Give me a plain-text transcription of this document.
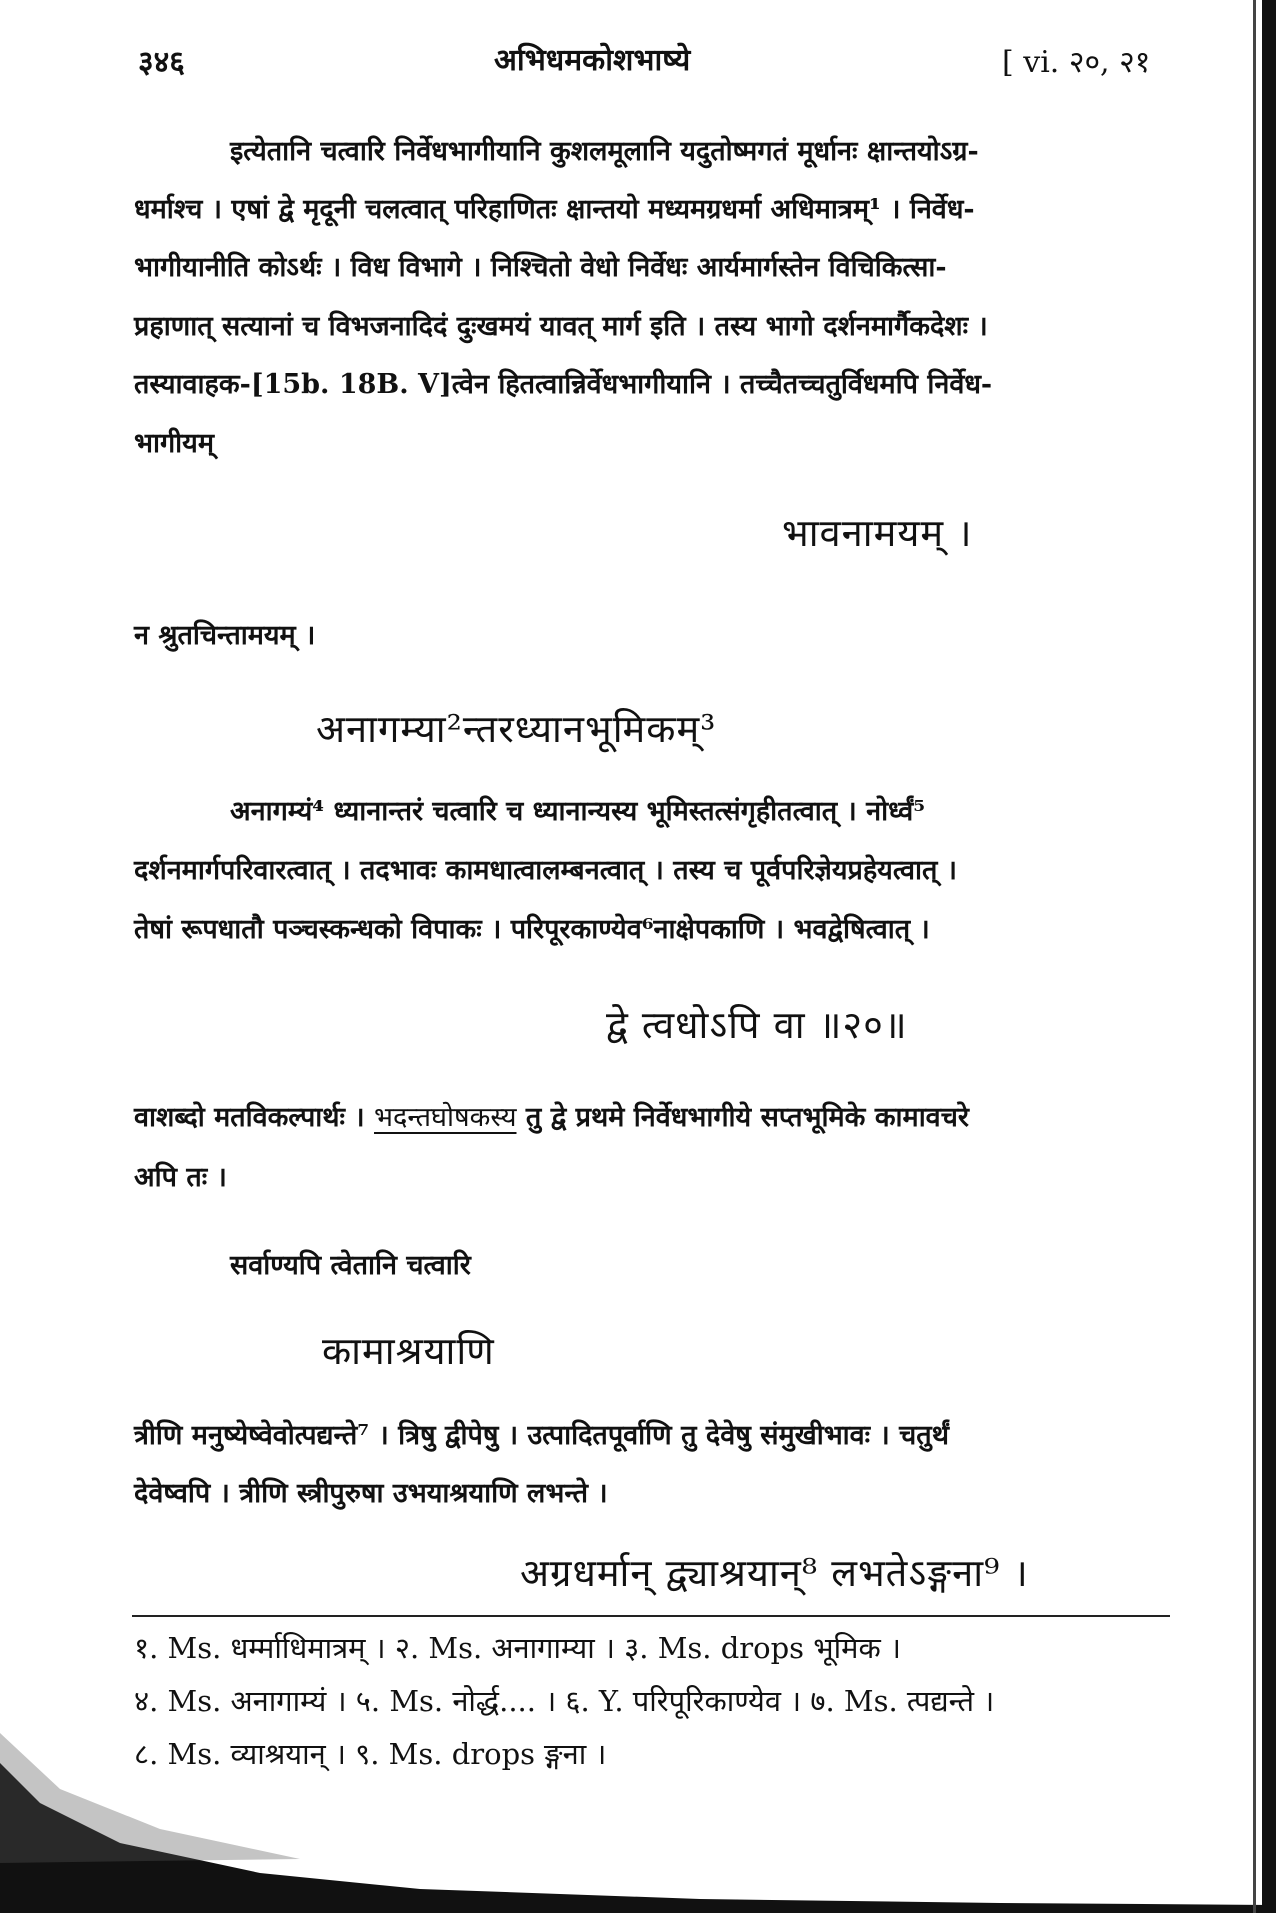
३४६	अभिधमकोशभाष्ये	[ vi. २०, २१
इत्येतानि चत्वारि निर्वेधभागीयानि कुशलमूलानि यदुतोष्मगतं मूर्धानः क्षान्तयोऽग्र-
धर्माश्च । एषां द्वे मृदूनी चलत्वात् परिहाणितः क्षान्तयो मध्यमग्रधर्मा अधिमात्रम्¹ । निर्वेध-
भागीयानीति कोऽर्थः । विध विभागे । निश्चितो वेधो निर्वेधः आर्यमार्गस्तेन विचिकित्सा-
प्रहाणात् सत्यानां च विभजनादिदं दुःखमयं यावत् मार्ग इति । तस्य भागो दर्शनमार्गैकदेशः ।
तस्यावाहक-[15b. 18B. V]त्वेन हितत्वान्निर्वेधभागीयानि । तच्चैतच्चतुर्विधमपि निर्वेध-
भागीयम्
भावनामयम् ।
न श्रुतचिन्तामयम् ।
अनागम्या²न्तरध्यानभूमिकम्³
अनागम्यं⁴ ध्यानान्तरं चत्वारि च ध्यानान्यस्य भूमिस्तत्संगृहीतत्वात् । नोर्ध्वं⁵
दर्शनमार्गपरिवारत्वात् । तदभावः कामधात्वालम्बनत्वात् । तस्य च पूर्वपरिज्ञेयप्रहेयत्वात् ।
तेषां रूपधातौ पञ्चस्कन्धको विपाकः । परिपूरकाण्येव⁶नाक्षेपकाणि । भवद्वेषित्वात् ।
द्वे त्वधोऽपि वा ॥२०॥
वाशब्दो मतविकल्पार्थः । भदन्तघोषकस्य तु द्वे प्रथमे निर्वेधभागीये सप्तभूमिके कामावचरे
अपि तः ।
सर्वाण्यपि त्वेतानि चत्वारि
कामाश्रयाणि
त्रीणि मनुष्येष्वेवोत्पद्यन्ते⁷ । त्रिषु द्वीपेषु । उत्पादितपूर्वाणि तु देवेषु संमुखीभावः । चतुर्थं
देवेष्वपि । त्रीणि स्त्रीपुरुषा उभयाश्रयाणि लभन्ते ।
अग्रधर्मान् द्व्याश्रयान्⁸ लभतेऽङ्गना⁹ ।
१. Ms. धर्म्माधिमात्रम् । २. Ms. अनागाम्या । ३. Ms. drops भूमिक ।
४. Ms. अनागाम्यं । ५. Ms. नोर्द्ध.... । ६. Y. परिपूरिकाण्येव । ७. Ms. त्पद्यन्ते ।
८. Ms. व्याश्रयान् । ९. Ms. drops ङ्गना ।
